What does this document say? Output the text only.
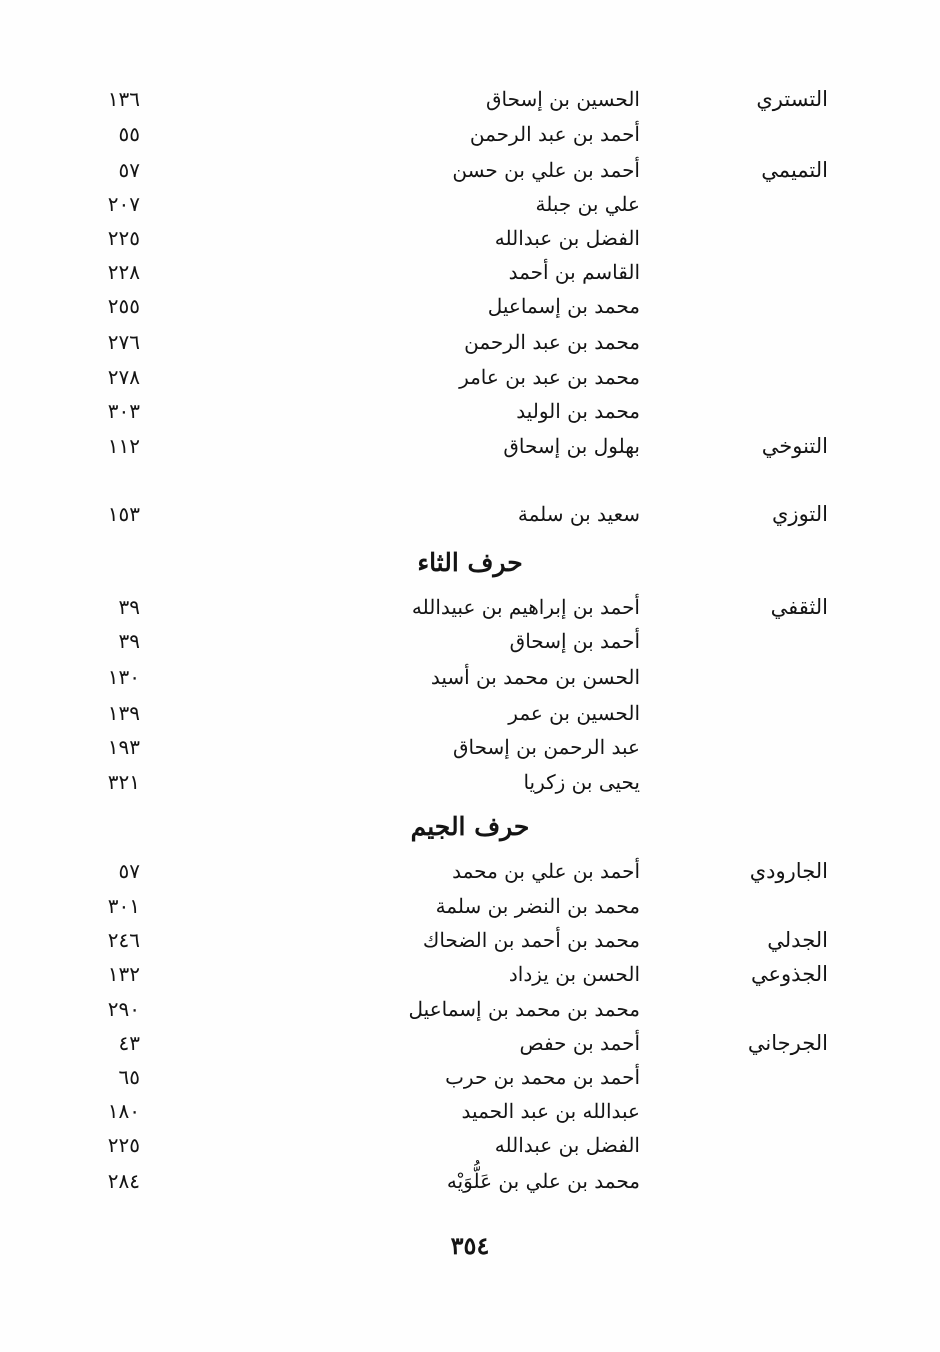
التستري
الحسين بن إسحاق
١٣٦
أحمد بن عبد الرحمن
٥٥
التميمي
أحمد بن علي بن حسن
٥٧
علي بن جبلة
٢٠٧
الفضل بن عبدالله
٢٢٥
القاسم بن أحمد
٢٢٨
محمد بن إسماعيل
٢٥٥
محمد بن عبد الرحمن
٢٧٦
محمد بن عبد بن عامر
٢٧٨
محمد بن الوليد
٣٠٣
التنوخي
بهلول بن إسحاق
١١٢
التوزي
سعيد بن سلمة
١٥٣
حرف الثاء
الثقفي
أحمد بن إبراهيم بن عبيدالله
٣٩
أحمد بن إسحاق
٣٩
الحسن بن محمد بن أسيد
١٣٠
الحسين بن عمر
١٣٩
عبد الرحمن بن إسحاق
١٩٣
يحيى بن زكريا
٣٢١
حرف الجيم
الجارودي
أحمد بن علي بن محمد
٥٧
محمد بن النضر بن سلمة
٣٠١
الجدلي
محمد بن أحمد بن الضحاك
٢٤٦
الجذوعي
الحسن بن يزداد
١٣٢
محمد بن محمد بن إسماعيل
٢٩٠
الجرجاني
أحمد بن حفص
٤٣
أحمد بن محمد بن حرب
٦٥
عبدالله بن عبد الحميد
١٨٠
الفضل بن عبدالله
٢٢٥
محمد بن علي بن عَلُّوَيْه
٢٨٤
٣٥٤
